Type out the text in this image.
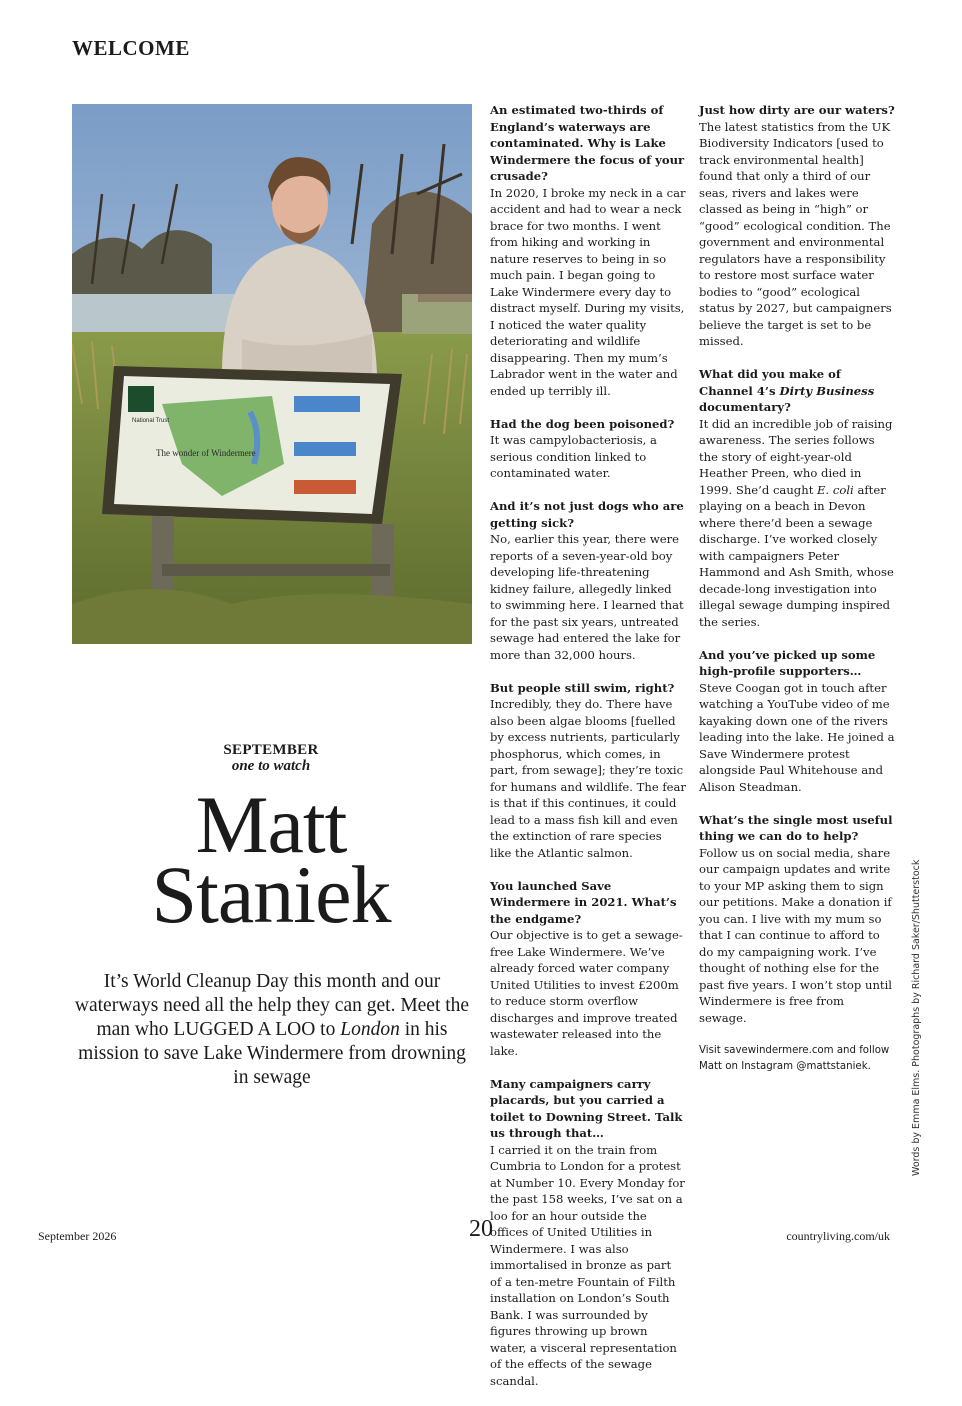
WELCOME
The wonder of Windermere
National Trust
SEPTEMBER
one to watch
Matt
Staniek
It’s World Cleanup Day this month and our waterways need all the help they can get. Meet the man who LUGGED A LOO to London in his mission to save Lake Windermere from drowning in sewage

An estimated two-thirds of England’s waterways are contaminated. Why is Lake Windermere the focus of your crusade?
In 2020, I broke my neck in a car accident and had to wear a neck brace for two months. I went from hiking and working in nature reserves to being in so much pain. I began going to Lake Windermere every day to distract myself. During my visits, I noticed the water quality deteriorating and wildlife disappearing. Then my mum’s Labrador went in the water and ended up terribly ill.

Had the dog been poisoned?
It was campylobacteriosis, a serious condition linked to contaminated water.

And it’s not just dogs who are getting sick?
No, earlier this year, there were reports of a seven-year-old boy developing life-threatening kidney failure, allegedly linked to swimming here. I learned that for the past six years, untreated sewage had entered the lake for more than 32,000 hours.

But people still swim, right?
Incredibly, they do. There have also been algae blooms [fuelled by excess nutrients, particularly phosphorus, which comes, in part, from sewage]; they’re toxic for humans and wildlife. The fear is that if this continues, it could lead to a mass fish kill and even the extinction of rare species like the Atlantic salmon.

You launched Save Windermere in 2021. What’s the endgame?
Our objective is to get a sewage-free Lake Windermere. We’ve already forced water company United Utilities to invest £200m to reduce storm overflow discharges and improve treated wastewater released into the lake.

Many campaigners carry placards, but you carried a toilet to Downing Street. Talk us through that…
I carried it on the train from Cumbria to London for a protest at Number 10. Every Monday for the past 158 weeks, I’ve sat on a loo for an hour outside the offices of United Utilities in Windermere. I was also immortalised in bronze as part of a ten-metre Fountain of Filth installation on London’s South Bank. I was surrounded by figures throwing up brown water, a visceral representation of the effects of the sewage scandal.

Just how dirty are our waters?
The latest statistics from the UK Biodiversity Indicators [used to track environmental health] found that only a third of our seas, rivers and lakes were classed as being in “high” or “good” ecological condition. The government and environmental regulators have a responsibility to restore most surface water bodies to “good” ecological status by 2027, but campaigners believe the target is set to be missed.

What did you make of Channel 4’s Dirty Business documentary?
It did an incredible job of raising awareness. The series follows the story of eight-year-old Heather Preen, who died in 1999. She’d caught E. coli after playing on a beach in Devon where there’d been a sewage discharge. I’ve worked closely with campaigners Peter Hammond and Ash Smith, whose decade-long investigation into illegal sewage dumping inspired the series.

And you’ve picked up some high-profile supporters…
Steve Coogan got in touch after watching a YouTube video of me kayaking down one of the rivers leading into the lake. He joined a Save Windermere protest alongside Paul Whitehouse and Alison Steadman.

What’s the single most useful thing we can do to help?
Follow us on social media, share our campaign updates and write to your MP asking them to sign our petitions. Make a donation if you can. I live with my mum so that I can continue to afford to do my campaigning work. I’ve thought of nothing else for the past five years. I won’t stop until Windermere is free from sewage.

Visit savewindermere.com and follow Matt on Instagram @mattstaniek.	Words by Emma Elms. Photographs by Richard Saker/Shutterstock
September 2026	20	countryliving.com/uk
